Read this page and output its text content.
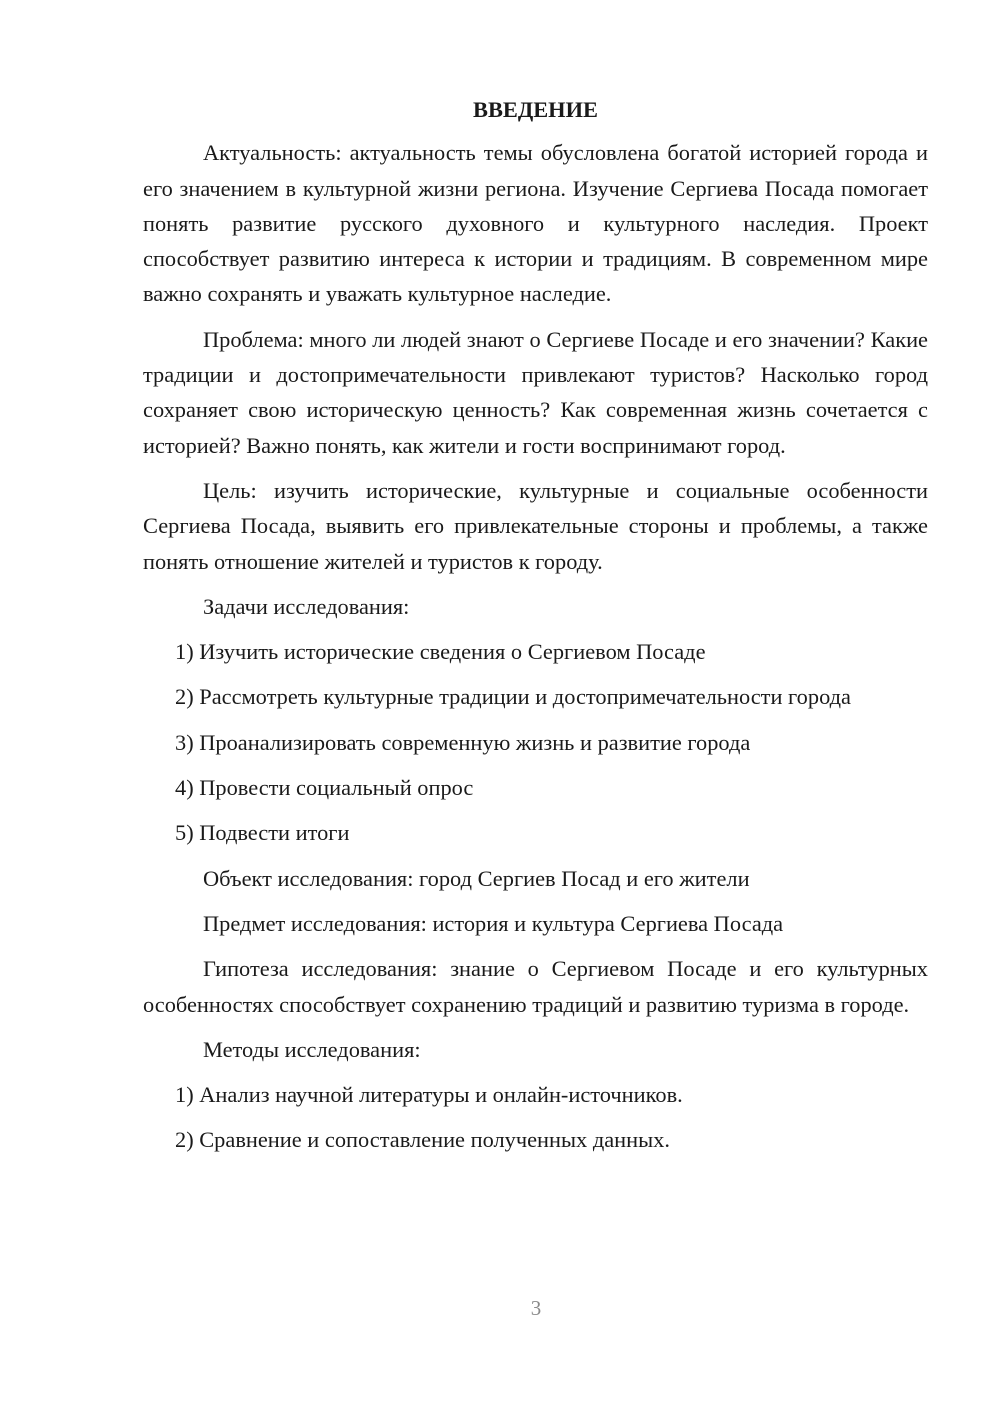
ВВЕДЕНИЕ

Актуальность: актуальность темы обусловлена богатой историей города и его значением в культурной жизни региона. Изучение Сергиева Посада помогает понять развитие русского духовного и культурного наследия. Проект способствует развитию интереса к истории и традициям. В современном мире важно сохранять и уважать культурное наследие.

Проблема: много ли людей знают о Сергиеве Посаде и его значении? Какие традиции и достопримечательности привлекают туристов? Насколько город сохраняет свою историческую ценность? Как современная жизнь сочетается с историей? Важно понять, как жители и гости воспринимают город.

Цель: изучить исторические, культурные и социальные особенности Сергиева Посада, выявить его привлекательные стороны и проблемы, а также понять отношение жителей и туристов к городу.

Задачи исследования:

1) Изучить исторические сведения о Сергиевом Посаде

2) Рассмотреть культурные традиции и достопримечательности города

3) Проанализировать современную жизнь и развитие города

4) Провести социальный опрос

5) Подвести итоги

Объект исследования: город Сергиев Посад и его жители

Предмет исследования: история и культура Сергиева Посада

Гипотеза исследования: знание о Сергиевом Посаде и его культурных особенностях способствует сохранению традиций и развитию туризма в городе.

Методы исследования:

1) Анализ научной литературы и онлайн-источников.

2) Сравнение и сопоставление полученных данных.

3
